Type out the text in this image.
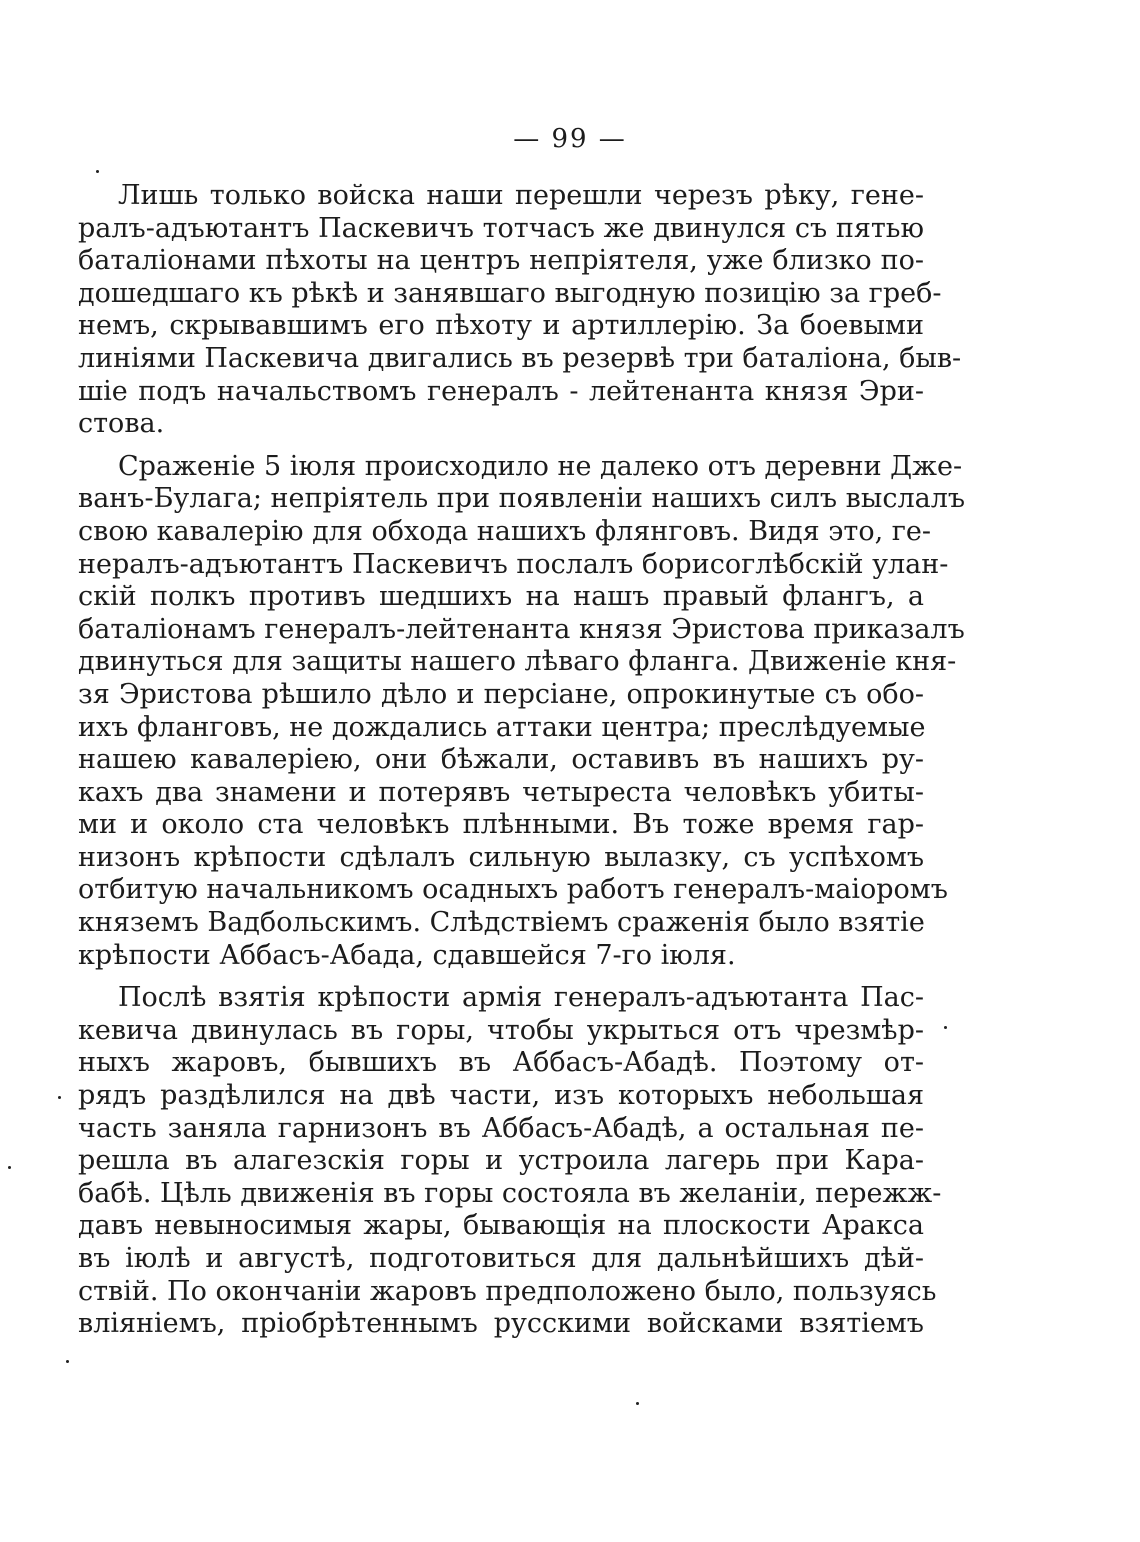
— 99 —
Лишь только войска наши перешли черезъ рѣку, гене-
ралъ-адъютантъ Паскевичъ тотчасъ же двинулся съ пятью
баталіонами пѣхоты на центръ непріятеля, уже близко по-
дошедшаго къ рѣкѣ и занявшаго выгодную позицію за греб-
немъ, скрывавшимъ его пѣхоту и артиллерію. За боевыми
линіями Паскевича двигались въ резервѣ три баталіона, быв-
шіе подъ начальствомъ генералъ - лейтенанта князя Эри-
стова.
Сраженіе 5 іюля происходило не далеко отъ деревни Дже-
ванъ-Булага; непріятель при появленіи нашихъ силъ выслалъ
свою кавалерію для обхода нашихъ флянговъ. Видя это, ге-
нералъ-адъютантъ Паскевичъ послалъ борисоглѣбскій улан-
скій полкъ противъ шедшихъ на нашъ правый флангъ, а
баталіонамъ генералъ-лейтенанта князя Эристова приказалъ
двинуться для защиты нашего лѣваго фланга. Движеніе кня-
зя Эристова рѣшило дѣло и персіане, опрокинутые съ обо-
ихъ фланговъ, не дождались аттаки центра; преслѣдуемые
нашею кавалеріею, они бѣжали, оставивъ въ нашихъ ру-
кахъ два знамени и потерявъ четыреста человѣкъ убиты-
ми и около ста человѣкъ плѣнными. Въ тоже время гар-
низонъ крѣпости сдѣлалъ сильную вылазку, съ успѣхомъ
отбитую начальникомъ осадныхъ работъ генералъ-маіоромъ
княземъ Вадбольскимъ. Слѣдствіемъ сраженія было взятіе
крѣпости Аббасъ-Абада, сдавшейся 7-го іюля.
Послѣ взятія крѣпости армія генералъ-адъютанта Пас-
кевича двинулась въ горы, чтобы укрыться отъ чрезмѣр-
ныхъ жаровъ, бывшихъ въ Аббасъ-Абадѣ. Поэтому от-
рядъ раздѣлился на двѣ части, изъ которыхъ небольшая
часть заняла гарнизонъ въ Аббасъ-Абадѣ, а остальная пе-
решла въ алагезскія горы и устроила лагерь при Кара-
бабѣ. Цѣль движенія въ горы состояла въ желаніи, пережж-
давъ невыносимыя жары, бывающія на плоскости Аракса
въ іюлѣ и августѣ, подготовиться для дальнѣйшихъ дѣй-
ствій. По окончаніи жаровъ предположено было, пользуясь
вліяніемъ, пріобрѣтеннымъ русскими войсками взятіемъ
